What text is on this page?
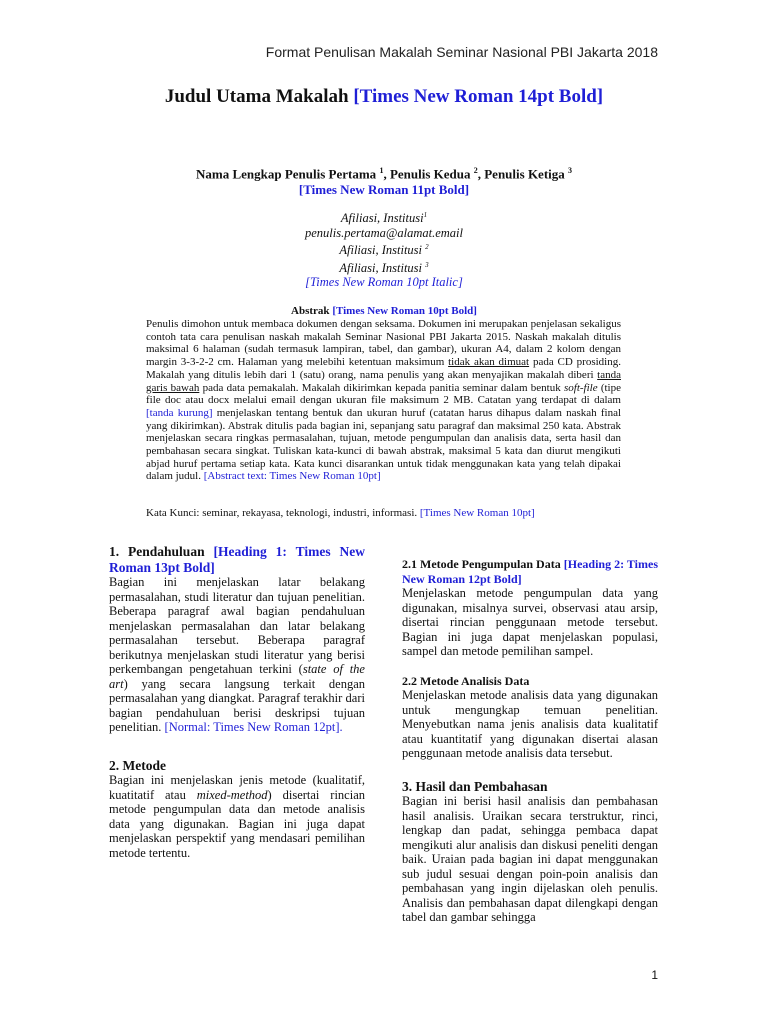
Format Penulisan Makalah Seminar Nasional PBI Jakarta 2018
Judul Utama Makalah [Times New Roman 14pt Bold]
Nama Lengkap Penulis Pertama $^1$, Penulis Kedua $^2$, Penulis Ketiga $^3$
[Times New Roman 11pt Bold]
Afiliasi, Institusi$^1$
penulis.pertama@alamat.email
Afiliasi, Institusi $^2$
Afiliasi, Institusi $^3$
[Times New Roman 10pt Italic]
Abstrak [Times New Roman 10pt Bold]
Penulis dimohon untuk membaca dokumen dengan seksama. Dokumen ini merupakan penjelasan sekaligus contoh tata cara penulisan naskah makalah Seminar Nasional PBI Jakarta 2015. Naskah makalah ditulis maksimal 6 halaman (sudah termasuk lampiran, tabel, dan gambar), ukuran A4, dalam 2 kolom dengan margin 3-3-2-2 cm. Halaman yang melebihi ketentuan maksimum tidak akan dimuat pada CD prosiding. Makalah yang ditulis lebih dari 1 (satu) orang, nama penulis yang akan menyajikan makalah diberi tanda garis bawah pada data pemakalah. Makalah dikirimkan kepada panitia seminar dalam bentuk soft-file (tipe file doc atau docx melalui email dengan ukuran file maksimum 2 MB. Catatan yang terdapat di dalam [tanda kurung] menjelaskan tentang bentuk dan ukuran huruf (catatan harus dihapus dalam naskah final yang dikirimkan). Abstrak ditulis pada bagian ini, sepanjang satu paragraf dan maksimal 250 kata. Abstrak menjelaskan secara ringkas permasalahan, tujuan, metode pengumpulan dan analisis data, serta hasil dan pembahasan secara singkat. Tuliskan kata-kunci di bawah abstrak, maksimal 5 kata dan diurut mengikuti abjad huruf pertama setiap kata. Kata kunci disarankan untuk tidak menggunakan kata yang telah dipakai dalam judul. [Abstract text: Times New Roman 10pt]
Kata Kunci: seminar, rekayasa, teknologi, industri, informasi. [Times New Roman 10pt]
1. Pendahuluan [Heading 1: Times New Roman 13pt Bold]

Bagian ini menjelaskan latar belakang permasalahan, studi literatur dan tujuan penelitian. Beberapa paragraf awal bagian pendahuluan menjelaskan permasalahan dan latar belakang permasalahan tersebut. Beberapa paragraf berikutnya menjelaskan studi literatur yang berisi perkembangan pengetahuan terkini (state of the art) yang secara langsung terkait dengan permasalahan yang diangkat. Paragraf terakhir dari bagian pendahuluan berisi deskripsi tujuan penelitian. [Normal: Times New Roman 12pt].

2. Metode

Bagian ini menjelaskan jenis metode (kualitatif, kuatitatif atau mixed-method) disertai rincian metode pengumpulan data dan metode analisis data yang digunakan. Bagian ini juga dapat menjelaskan perspektif yang mendasari pemilihan metode tertentu.

2.1 Metode Pengumpulan Data [Heading 2: Times New Roman 12pt Bold]

Menjelaskan metode pengumpulan data yang digunakan, misalnya survei, observasi atau arsip, disertai rincian penggunaan metode tersebut. Bagian ini juga dapat menjelaskan populasi, sampel dan metode pemilihan sampel.

2.2 Metode Analisis Data

Menjelaskan metode analisis data yang digunakan untuk mengungkap temuan penelitian. Menyebutkan nama jenis analisis data kualitatif atau kuantitatif yang digunakan disertai alasan penggunaan metode analisis data tersebut.

3. Hasil dan Pembahasan

Bagian ini berisi hasil analisis dan pembahasan hasil analisis. Uraikan secara terstruktur, rinci, lengkap dan padat, sehingga pembaca dapat mengikuti alur analisis dan diskusi peneliti dengan baik. Uraian pada bagian ini dapat menggunakan sub judul sesuai dengan poin-poin analisis dan pembahasan yang ingin dijelaskan oleh penulis. Analisis dan pembahasan dapat dilengkapi dengan tabel dan gambar sehingga

1
